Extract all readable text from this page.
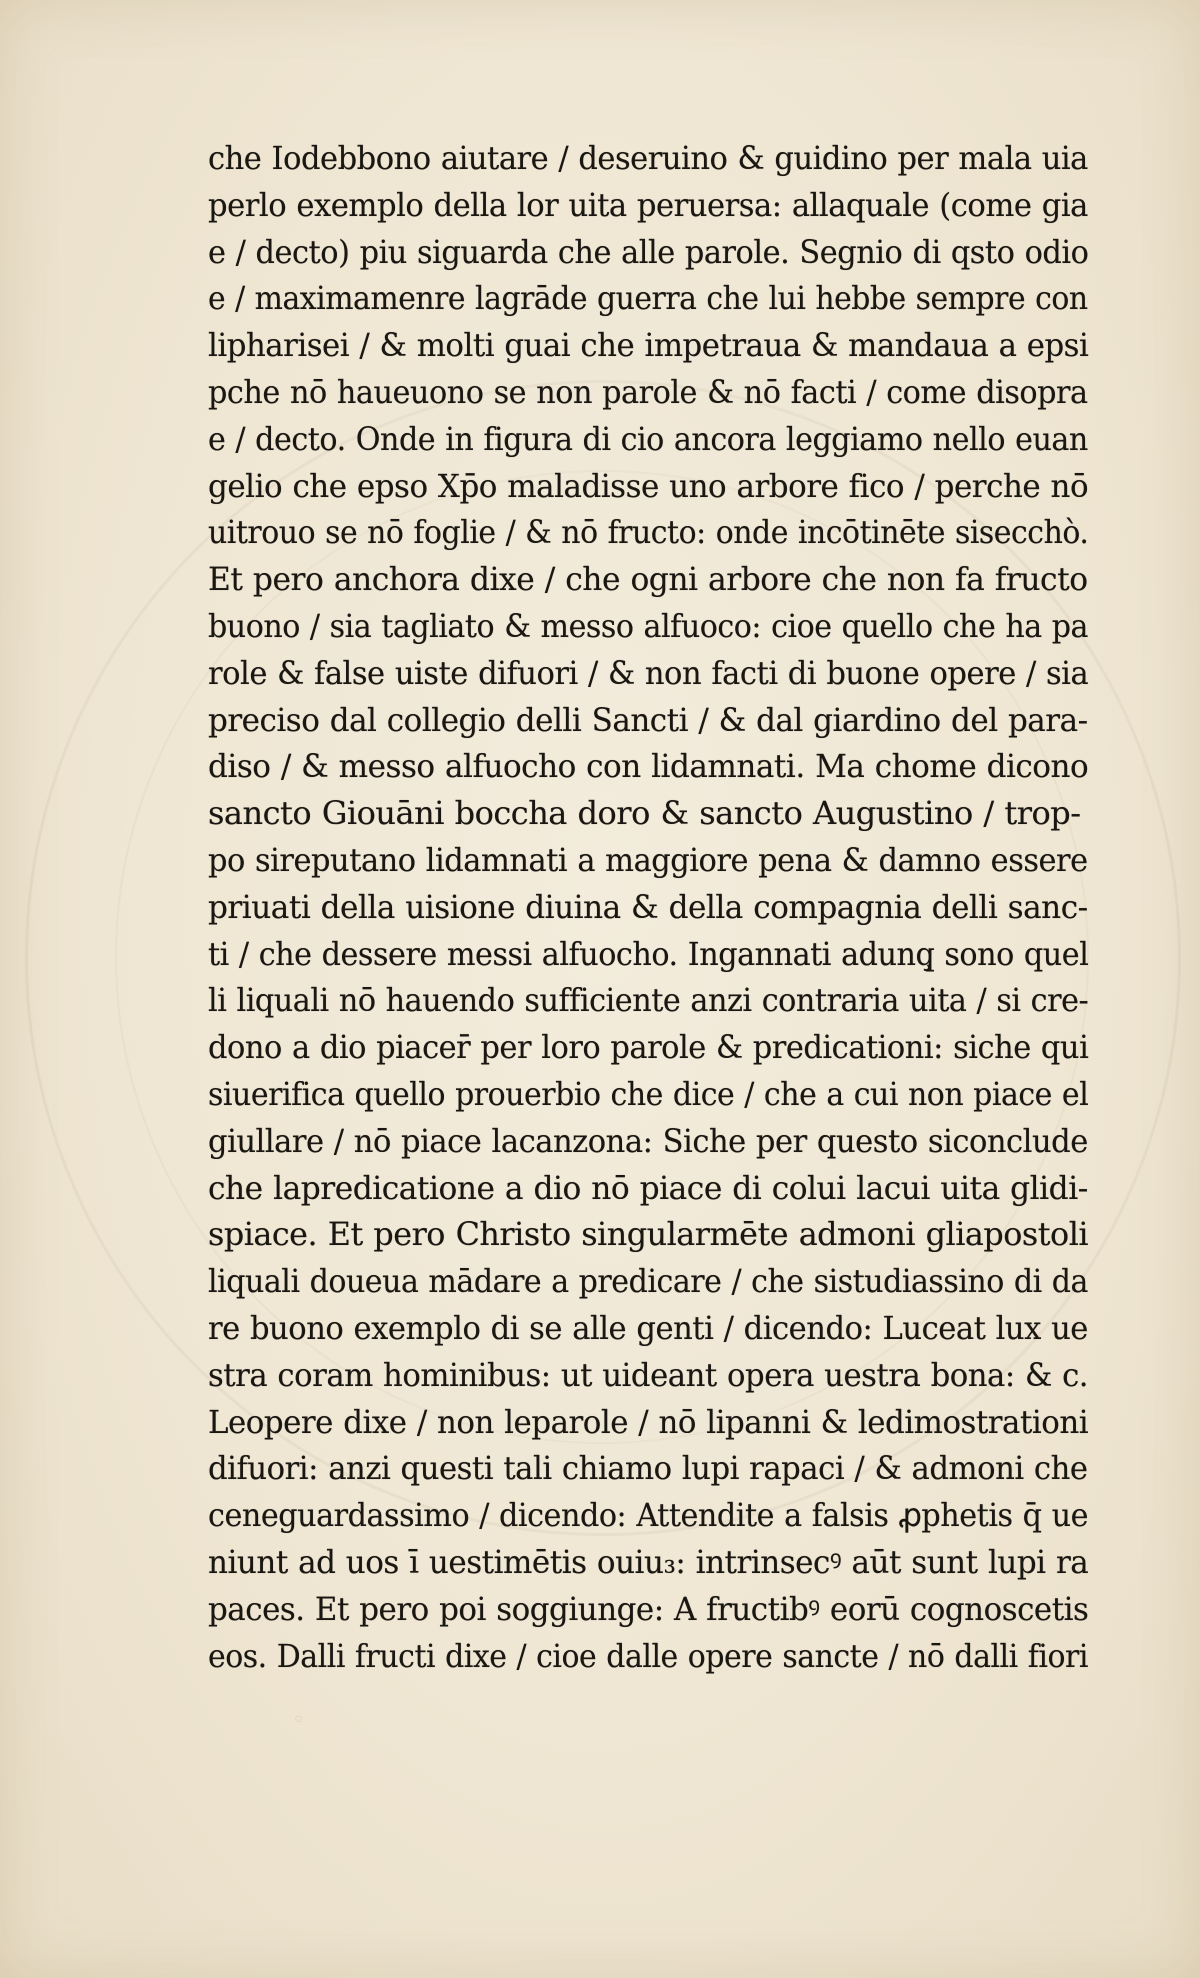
che Iodebbono aiutare / deseruino & guidino per mala uia
perlo exemplo della lor uita peruersa: allaquale (come gia
e / decto) piu siguarda che alle parole. Segnio di qsto odio
e / maximamenre lagrāde guerra che lui hebbe sempre con
lipharisei / & molti guai che impetraua & mandaua a epsi
pche nō haueuono se non parole & nō facti / come disopra
e / decto. Onde in figura di cio ancora leggiamo nello euan
gelio che epso Xp̄o maladisse uno arbore fico / perche nō
uitrouo se nō foglie / & nō fructo: onde incōtinēte sisecchò.
Et pero anchora dixe / che ogni arbore che non fa fructo
buono / sia tagliato & messo alfuoco: cioe quello che ha pa
role & false uiste difuori / & non facti di buone opere / sia
preciso dal collegio delli Sancti / & dal giardino del para-
diso / & messo alfuocho con lidamnati. Ma chome dicono
sancto Giouāni boccha doro & sancto Augustino / trop-
po sireputano lidamnati a maggiore pena & damno essere
priuati della uisione diuina & della compagnia delli sanc-
ti / che dessere messi alfuocho. Ingannati adunq̧ sono quel
li liquali nō hauendo sufficiente anzi contraria uita / si cre-
dono a dio piacer̄ per loro parole & predicationi: siche qui
siuerifica quello prouerbio che dice / che a cui non piace el
giullare / nō piace lacanzona: Siche per questo siconclude
che lapredicatione a dio nō piace di colui lacui uita glidi-
spiace. Et pero Christo singularmēte admoni gliapostoli
liquali doueua mādare a predicare / che sistudiassino di da
re buono exemplo di se alle genti / dicendo: Luceat lux ue
stra coram hominibus: ut uideant opera uestra bona: & c.
Leopere dixe / non leparole / nō lipanni & ledimostrationi
difuori: anzi questi tali chiamo lupi rapaci / & admoni che
ceneguardassimo / dicendo: Attendite a falsis ꝓphetis q̄ ue
niunt ad uos ī uestimētis ouiu₃: intrinsecꝰ aūt sunt lupi ra
paces. Et pero poi soggiunge: A fructibꝰ eorū cognoscetis
eos. Dalli fructi dixe / cioe dalle opere sancte / nō dalli fiori
◦
